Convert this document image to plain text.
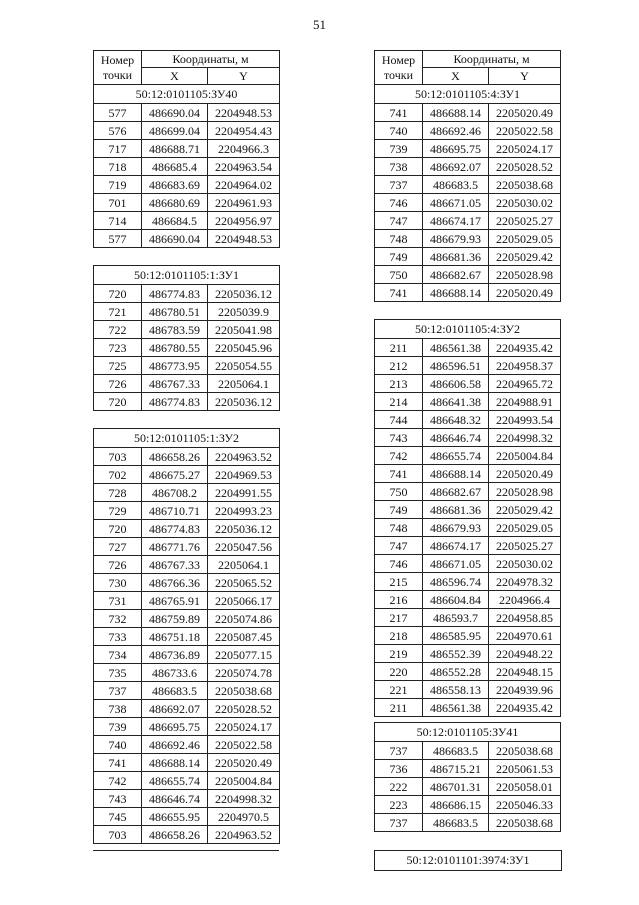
51
Номер
точки	Координаты, м	
	X	Y
50:12:0101105:ЗУ40		
577	486690.04	2204948.53
576	486699.04	2204954.43
717	486688.71	2204966.3
718	486685.4	2204963.54
719	486683.69	2204964.02
701	486680.69	2204961.93
714	486684.5	2204956.97
577	486690.04	2204948.53
50:12:0101105:1:ЗУ1		
720	486774.83	2205036.12
721	486780.51	2205039.9
722	486783.59	2205041.98
723	486780.55	2205045.96
725	486773.95	2205054.55
726	486767.33	2205064.1
720	486774.83	2205036.12
50:12:0101105:1:ЗУ2		
703	486658.26	2204963.52
702	486675.27	2204969.53
728	486708.2	2204991.55
729	486710.71	2204993.23
720	486774.83	2205036.12
727	486771.76	2205047.56
726	486767.33	2205064.1
730	486766.36	2205065.52
731	486765.91	2205066.17
732	486759.89	2205074.86
733	486751.18	2205087.45
734	486736.89	2205077.15
735	486733.6	2205074.78
737	486683.5	2205038.68
738	486692.07	2205028.52
739	486695.75	2205024.17
740	486692.46	2205022.58
741	486688.14	2205020.49
742	486655.74	2205004.84
743	486646.74	2204998.32
745	486655.95	2204970.5
703	486658.26	2204963.52
Номер
точки	Координаты, м	
	X	Y
50:12:0101105:4:ЗУ1		
741	486688.14	2205020.49
740	486692.46	2205022.58
739	486695.75	2205024.17
738	486692.07	2205028.52
737	486683.5	2205038.68
746	486671.05	2205030.02
747	486674.17	2205025.27
748	486679.93	2205029.05
749	486681.36	2205029.42
750	486682.67	2205028.98
741	486688.14	2205020.49
50:12:0101105:4:ЗУ2		
211	486561.38	2204935.42
212	486596.51	2204958.37
213	486606.58	2204965.72
214	486641.38	2204988.91
744	486648.32	2204993.54
743	486646.74	2204998.32
742	486655.74	2205004.84
741	486688.14	2205020.49
750	486682.67	2205028.98
749	486681.36	2205029.42
748	486679.93	2205029.05
747	486674.17	2205025.27
746	486671.05	2205030.02
215	486596.74	2204978.32
216	486604.84	2204966.4
217	486593.7	2204958.85
218	486585.95	2204970.61
219	486552.39	2204948.22
220	486552.28	2204948.15
221	486558.13	2204939.96
211	486561.38	2204935.42
50:12:0101105:ЗУ41		
737	486683.5	2205038.68
736	486715.21	2205061.53
222	486701.31	2205058.01
223	486686.15	2205046.33
737	486683.5	2205038.68
50:12:0101101:3974:ЗУ1
